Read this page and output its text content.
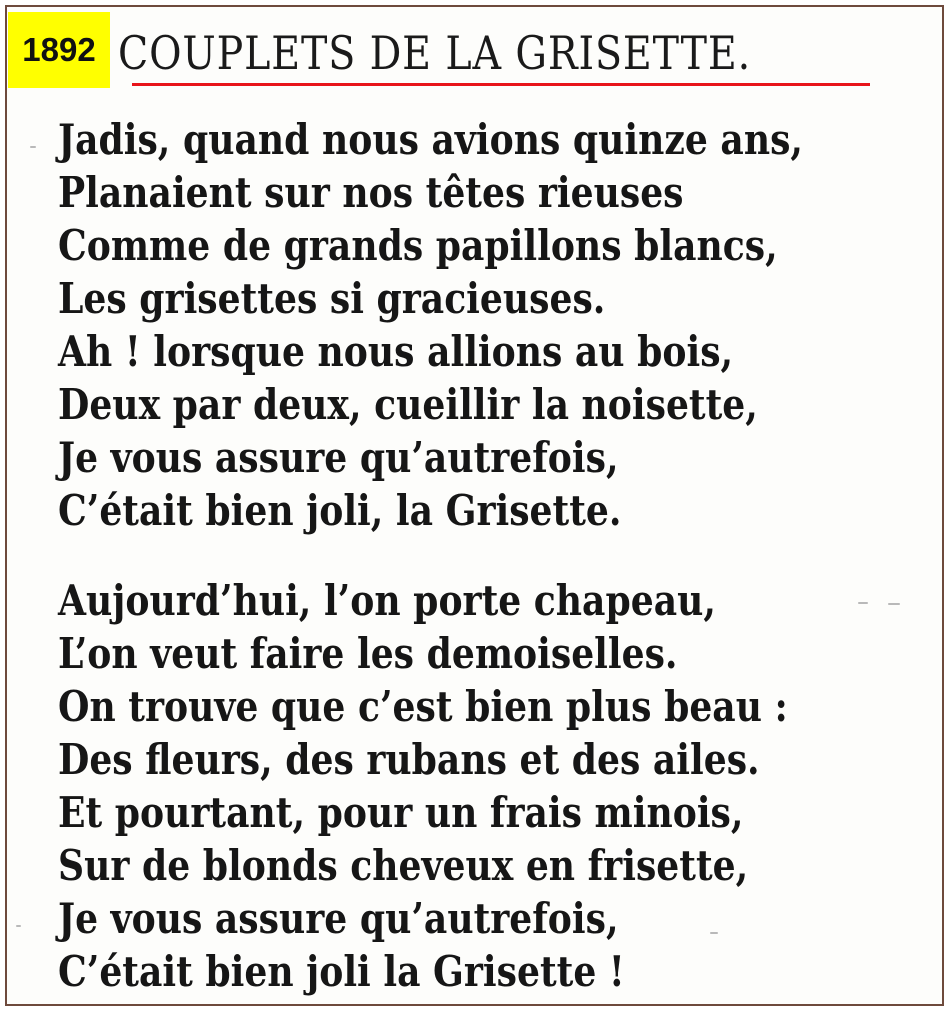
1892 COUPLETS DE LA GRISETTE.
Jadis, quand nous avions quinze ans,
Planaient sur nos têtes rieuses
Comme de grands papillons blancs,
Les grisettes si gracieuses.
Ah ! lorsque nous allions au bois,
Deux par deux, cueillir la noisette,
Je vous assure qu’autrefois,
C’était bien joli, la Grisette.
Aujourd’hui, l’on porte chapeau,
L’on veut faire les demoiselles.
On trouve que c’est bien plus beau :
Des fleurs, des rubans et des ailes.
Et pourtant, pour un frais minois,
Sur de blonds cheveux en frisette,
Je vous assure qu’autrefois,
C’était bien joli la Grisette !
